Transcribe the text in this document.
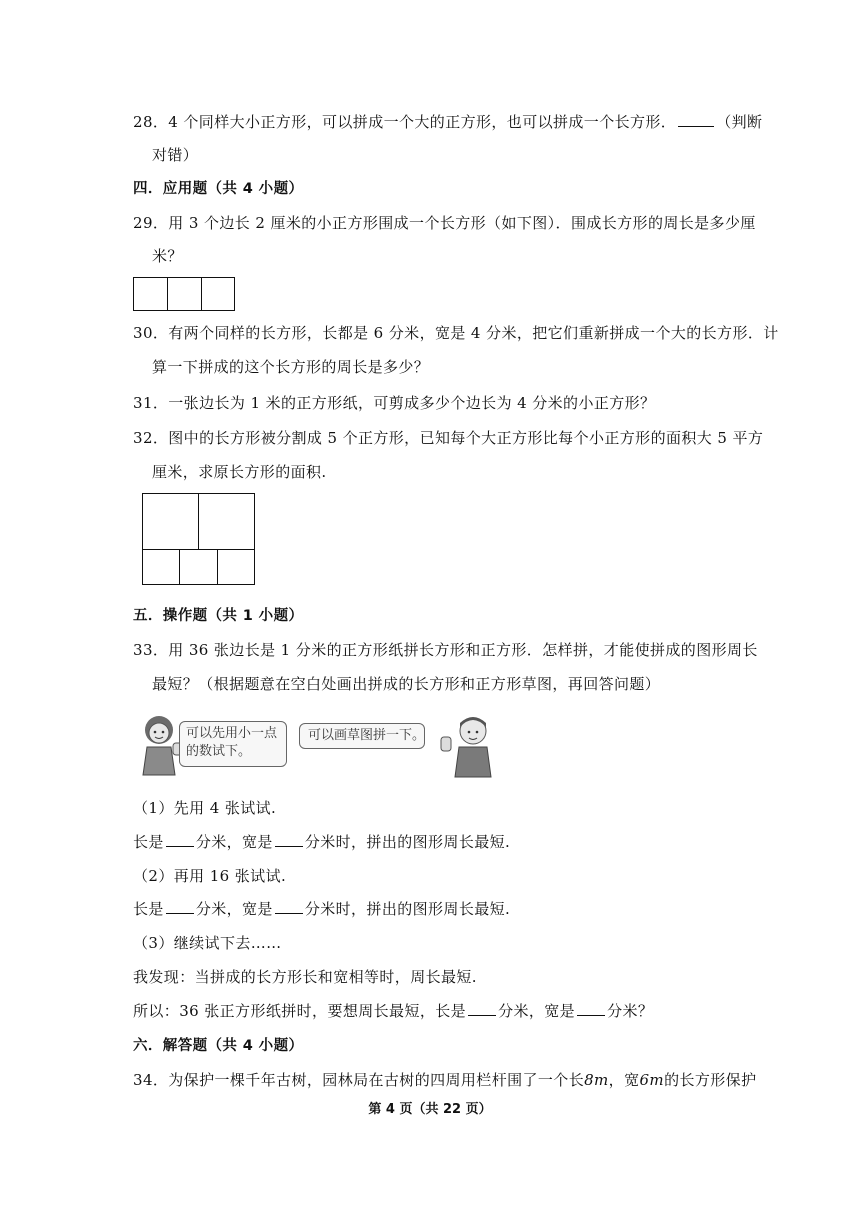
28．4 个同样大小正方形，可以拼成一个大的正方形，也可以拼成一个长方形．	（判断
对错）
四．应用题（共 4 小题）
29．用 3 个边长 2 厘米的小正方形围成一个长方形（如下图）．围成长方形的周长是多少厘
米？
30．有两个同样的长方形，长都是 6 分米，宽是 4 分米，把它们重新拼成一个大的长方形．计
算一下拼成的这个长方形的周长是多少？
31．一张边长为 1 米的正方形纸，可剪成多少个边长为 4 分米的小正方形？
32．图中的长方形被分割成 5 个正方形，已知每个大正方形比每个小正方形的面积大 5 平方
厘米，求原长方形的面积.
五．操作题（共 1 小题）
33．用 36 张边长是 1 分米的正方形纸拼长方形和正方形．怎样拼，才能使拼成的图形周长
最短？（根据题意在空白处画出拼成的长方形和正方形草图，再回答问题）
可以先用小一点的数试下。
可以画草图拼一下。
（1）先用 4 张试试.
长是 分米，宽是 分米时，拼出的图形周长最短.
（2）再用 16 张试试.
长是 分米，宽是 分米时，拼出的图形周长最短.
（3）继续试下去……
我发现：当拼成的长方形长和宽相等时，周长最短.
所以：36 张正方形纸拼时，要想周长最短，长是 分米，宽是 分米？
六．解答题（共 4 小题）
34．为保护一棵千年古树，园林局在古树的四周用栏杆围了一个长8m，宽6m的长方形保护
第 4 页（共 22 页）
